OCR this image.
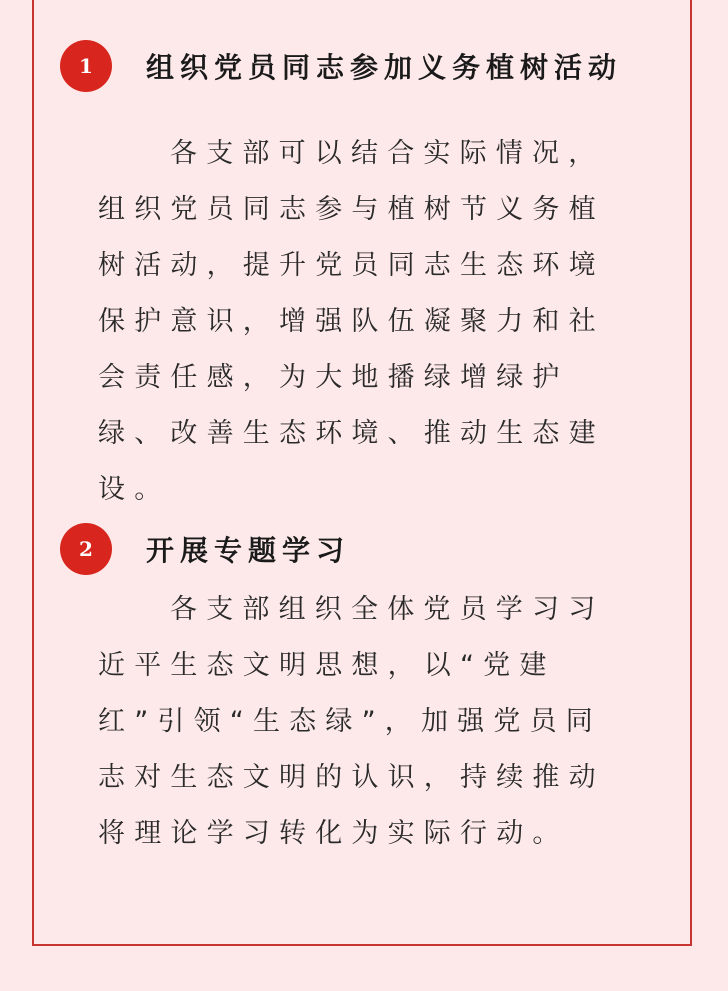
1	组织党员同志参加义务植树活动

各支部可以结合实际情况，组织党员同志参与植树节义务植树活动，提升党员同志生态环境保护意识，增强队伍凝聚力和社会责任感，为大地播绿增绿护绿、改善生态环境、推动生态建设。

2	开展专题学习

各支部组织全体党员学习习近平生态文明思想，以“党建红”引领“生态绿”，加强党员同志对生态文明的认识，持续推动将理论学习转化为实际行动。
